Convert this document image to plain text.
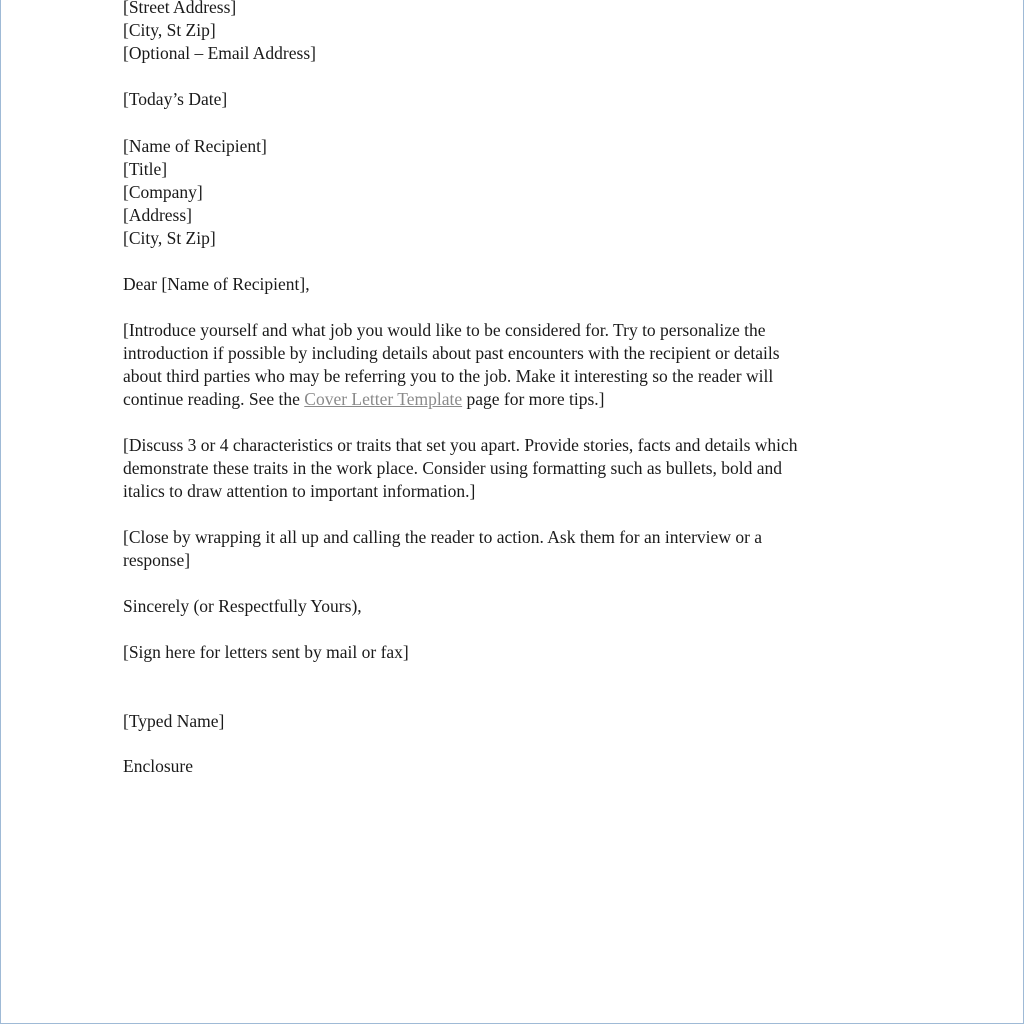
[Street Address]

[City, St Zip]

[Optional – Email Address]

[Today’s Date]

[Name of Recipient]

[Title]

[Company]

[Address]

[City, St Zip]

Dear [Name of Recipient],

[Introduce yourself and what job you would like to be considered for. Try to personalize the

introduction if possible by including details about past encounters with the recipient or details

about third parties who may be referring you to the job. Make it interesting so the reader will

continue reading. See the Cover Letter Template page for more tips.]

[Discuss 3 or 4 characteristics or traits that set you apart. Provide stories, facts and details which

demonstrate these traits in the work place. Consider using formatting such as bullets, bold and

italics to draw attention to important information.]

[Close by wrapping it all up and calling the reader to action. Ask them for an interview or a

response]

Sincerely (or Respectfully Yours),

[Sign here for letters sent by mail or fax]

[Typed Name]

Enclosure
